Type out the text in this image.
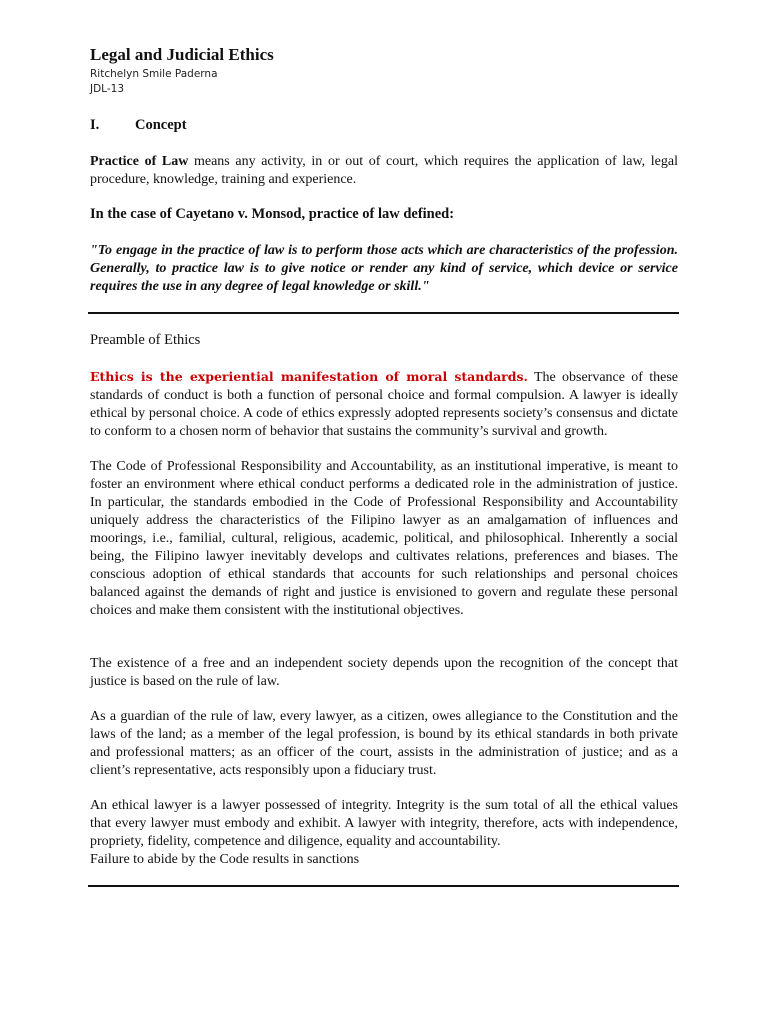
Legal and Judicial Ethics
Ritchelyn Smile Paderna
JDL-13
I. Concept
Practice of Law means any activity, in or out of court, which requires the application of law, legal procedure, knowledge, training and experience.
In the case of Cayetano v. Monsod, practice of law defined:
"To engage in the practice of law is to perform those acts which are characteristics of the profession. Generally, to practice law is to give notice or render any kind of service, which device or service requires the use in any degree of legal knowledge or skill."
Preamble of Ethics
Ethics is the experiential manifestation of moral standards. The observance of these standards of conduct is both a function of personal choice and formal compulsion. A lawyer is ideally ethical by personal choice. A code of ethics expressly adopted represents society’s consensus and dictate to conform to a chosen norm of behavior that sustains the community’s survival and growth.
The Code of Professional Responsibility and Accountability, as an institutional imperative, is meant to foster an environment where ethical conduct performs a dedicated role in the administration of justice. In particular, the standards embodied in the Code of Professional Responsibility and Accountability uniquely address the characteristics of the Filipino lawyer as an amalgamation of influences and moorings, i.e., familial, cultural, religious, academic, political, and philosophical. Inherently a social being, the Filipino lawyer inevitably develops and cultivates relations, preferences and biases. The conscious adoption of ethical standards that accounts for such relationships and personal choices balanced against the demands of right and justice is envisioned to govern and regulate these personal choices and make them consistent with the institutional objectives.
The existence of a free and an independent society depends upon the recognition of the concept that justice is based on the rule of law.
As a guardian of the rule of law, every lawyer, as a citizen, owes allegiance to the Constitution and the laws of the land; as a member of the legal profession, is bound by its ethical standards in both private and professional matters; as an officer of the court, assists in the administration of justice; and as a client’s representative, acts responsibly upon a fiduciary trust.
An ethical lawyer is a lawyer possessed of integrity. Integrity is the sum total of all the ethical values that every lawyer must embody and exhibit. A lawyer with integrity, therefore, acts with independence, propriety, fidelity, competence and diligence, equality and accountability.
Failure to abide by the Code results in sanctions
